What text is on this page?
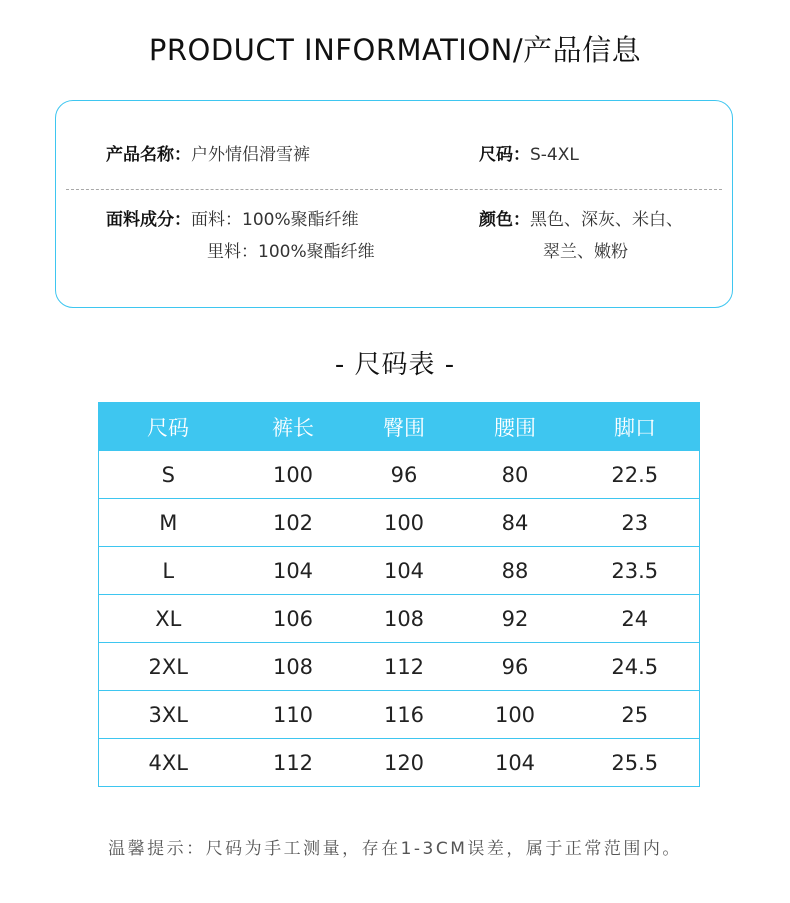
PRODUCT INFORMATION/产品信息
产品名称：户外情侣滑雪裤	尺码：S-4XL
面料成分：面料：100%聚酯纤维
里料：100%聚酯纤维
颜色：黑色、深灰、米白、
翠兰、嫩粉
- 尺码表 -
尺码	裤长	臀围	腰围	脚口
S	100	96	80	22.5
M	102	100	84	23
L	104	104	88	23.5
XL	106	108	92	24
2XL	108	112	96	24.5
3XL	110	116	100	25
4XL	112	120	104	25.5
温馨提示：尺码为手工测量，存在1-3CM误差，属于正常范围内。
